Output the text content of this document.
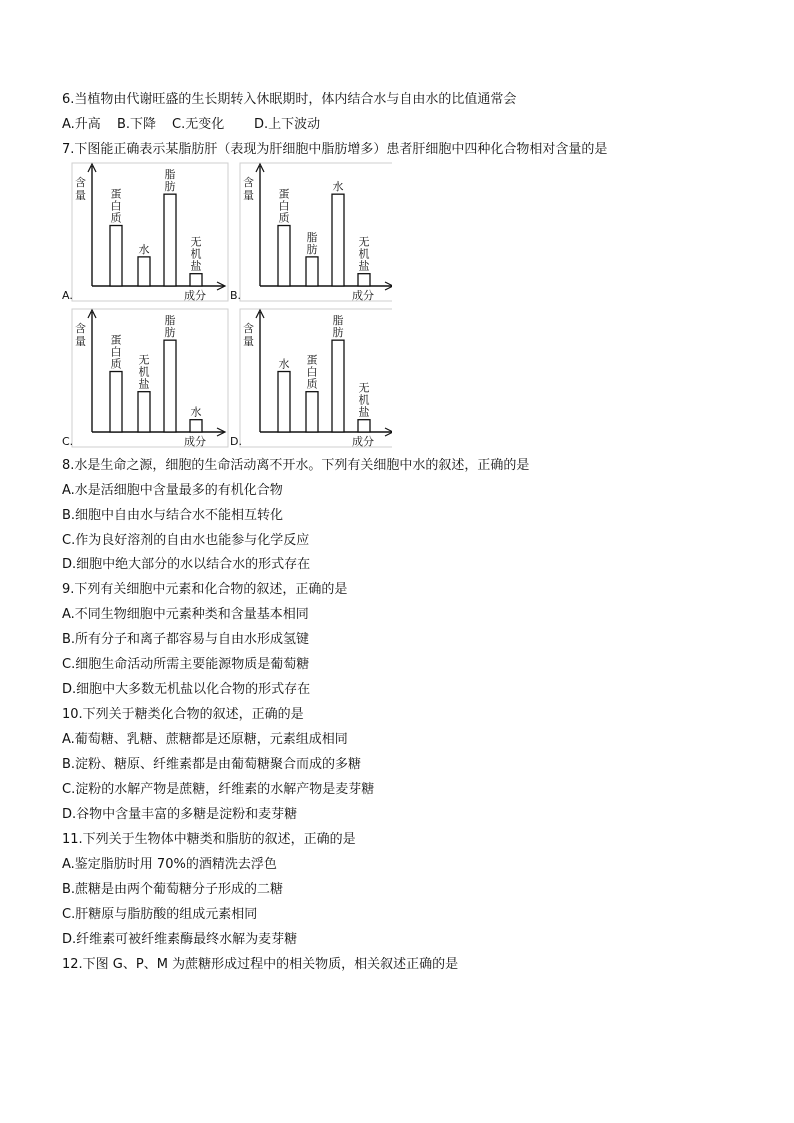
6.当植物由代谢旺盛的生长期转入休眠期时，体内结合水与自由水的比值通常会
A.升高 B.下降 C.无变化 D.上下波动
7.下图能正确表示某脂肪肝（表现为肝细胞中脂肪增多）患者肝细胞中四种化合物相对含量的是
A.
含
量
成分
蛋
白
质
水
脂
肪
无
机
盐
B.
含
量
成分
蛋
白
质
脂
肪
水
无
机
盐
C.
含
量
成分
蛋
白
质 无
机
盐
脂
肪
水
D.
含
量
成分
水 蛋
白
质
脂
肪
无
机
盐
8.水是生命之源，细胞的生命活动离不开水。下列有关细胞中水的叙述，正确的是
A.水是活细胞中含量最多的有机化合物
B.细胞中自由水与结合水不能相互转化
C.作为良好溶剂的自由水也能参与化学反应
D.细胞中绝大部分的水以结合水的形式存在
9.下列有关细胞中元素和化合物的叙述，正确的是
A.不同生物细胞中元素种类和含量基本相同
B.所有分子和离子都容易与自由水形成氢键
C.细胞生命活动所需主要能源物质是葡萄糖
D.细胞中大多数无机盐以化合物的形式存在
10.下列关于糖类化合物的叙述，正确的是
A.葡萄糖、乳糖、蔗糖都是还原糖，元素组成相同
B.淀粉、糖原、纤维素都是由葡萄糖聚合而成的多糖
C.淀粉的水解产物是蔗糖，纤维素的水解产物是麦芽糖
D.谷物中含量丰富的多糖是淀粉和麦芽糖
11.下列关于生物体中糖类和脂肪的叙述，正确的是
A.鉴定脂肪时用 70%的酒精洗去浮色
B.蔗糖是由两个葡萄糖分子形成的二糖
C.肝糖原与脂肪酸的组成元素相同
D.纤维素可被纤维素酶最终水解为麦芽糖
12.下图 G、P、M 为蔗糖形成过程中的相关物质，相关叙述正确的是
